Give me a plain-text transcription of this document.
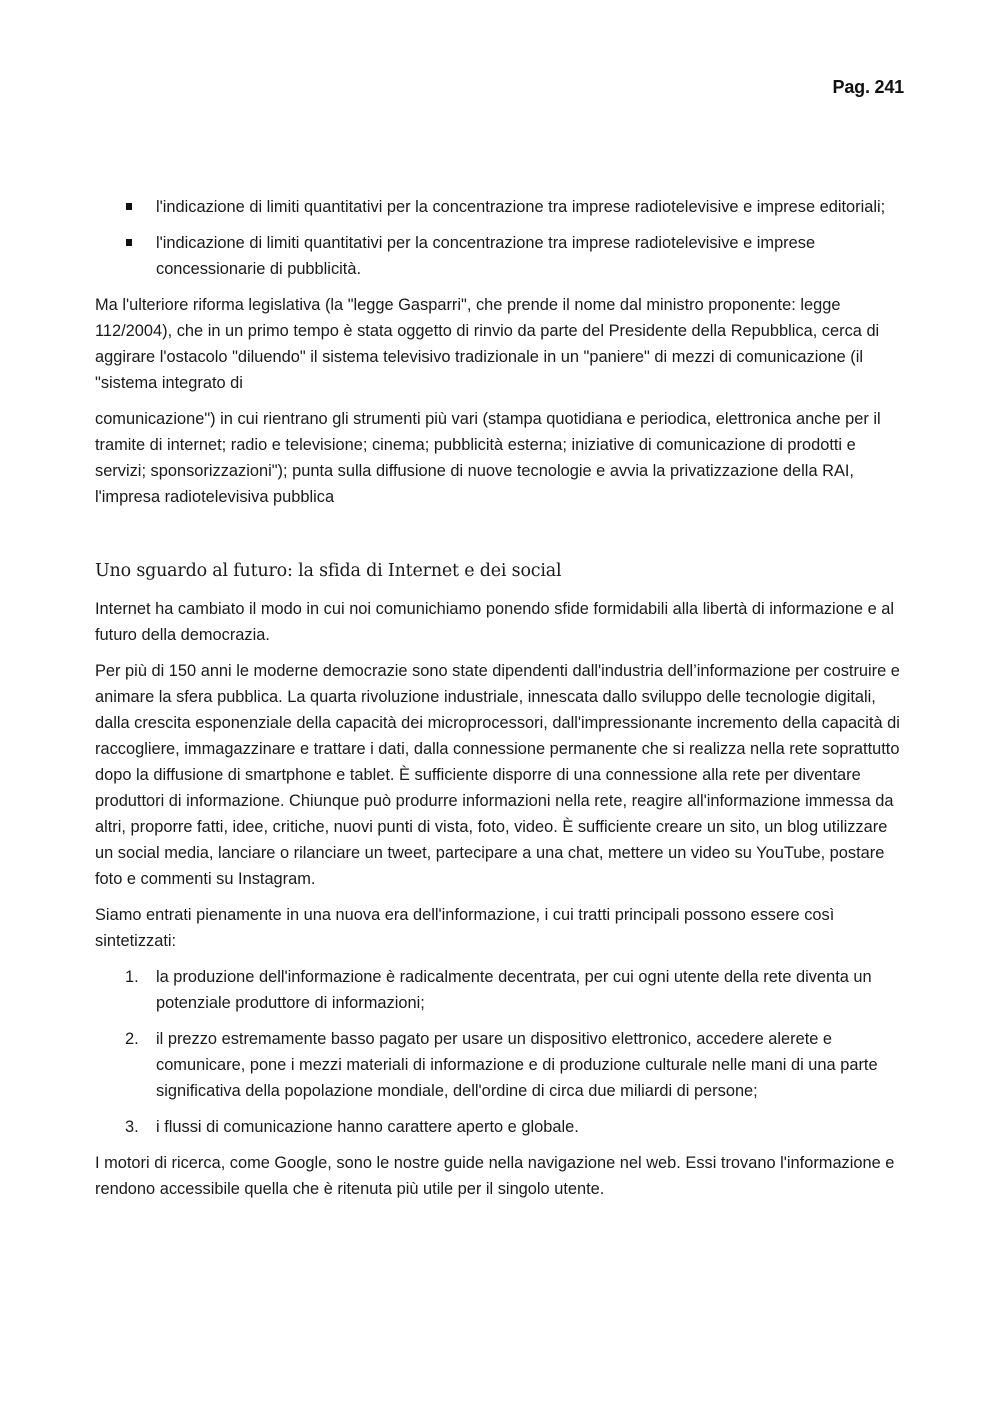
Pag. 241
l'indicazione di limiti quantitativi per la concentrazione tra imprese radiotelevisive e imprese editoriali;
l'indicazione di limiti quantitativi per la concentrazione tra imprese radiotelevisive e imprese concessionarie di pubblicità.

Ma l'ulteriore riforma legislativa (la "legge Gasparri", che prende il nome dal ministro proponente: legge 112/2004), che in un primo tempo è stata oggetto di rinvio da parte del Presidente della Repubblica, cerca di aggirare l'ostacolo "diluendo" il sistema televisivo tradizionale in un "paniere" di mezzi di comunicazione (il "sistema integrato di

comunicazione") in cui rientrano gli strumenti più vari (stampa quotidiana e periodica, elettronica anche per il tramite di internet; radio e televisione; cinema; pubblicità esterna; iniziative di comunicazione di prodotti e servizi; sponsorizzazioni"); punta sulla diffusione di nuove tecnologie e avvia la privatizzazione della RAI, l'impresa radiotelevisiva pubblica

Uno sguardo al futuro: la sfida di Internet e dei social

Internet ha cambiato il modo in cui noi comunichiamo ponendo sfide formidabili alla libertà di informazione e al futuro della democrazia.

Per più di 150 anni le moderne democrazie sono state dipendenti dall'industria dell’informazione per costruire e animare la sfera pubblica. La quarta rivoluzione industriale, innescata dallo sviluppo delle tecnologie digitali, dalla crescita esponenziale della capacità dei microprocessori, dall'impressionante incremento della capacità di raccogliere, immagazzinare e trattare i dati, dalla connessione permanente che si realizza nella rete soprattutto dopo la diffusione di smartphone e tablet. È sufficiente disporre di una connessione alla rete per diventare produttori di informazione. Chiunque può produrre informazioni nella rete, reagire all'informazione immessa da altri, proporre fatti, idee, critiche, nuovi punti di vista, foto, video. È sufficiente creare un sito, un blog utilizzare un social media, lanciare o rilanciare un tweet, partecipare a una chat, mettere un video su YouTube, postare foto e commenti su Instagram.

Siamo entrati pienamente in una nuova era dell'informazione, i cui tratti principali possono essere così sintetizzati:

1. la produzione dell'informazione è radicalmente decentrata, per cui ogni utente della rete diventa un potenziale produttore di informazioni;
2. il prezzo estremamente basso pagato per usare un dispositivo elettronico, accedere alerete e comunicare, pone i mezzi materiali di informazione e di produzione culturale nelle mani di una parte significativa della popolazione mondiale, dell'ordine di circa due miliardi di persone;
3. i flussi di comunicazione hanno carattere aperto e globale.

I motori di ricerca, come Google, sono le nostre guide nella navigazione nel web. Essi trovano l'informazione e rendono accessibile quella che è ritenuta più utile per il singolo utente.
